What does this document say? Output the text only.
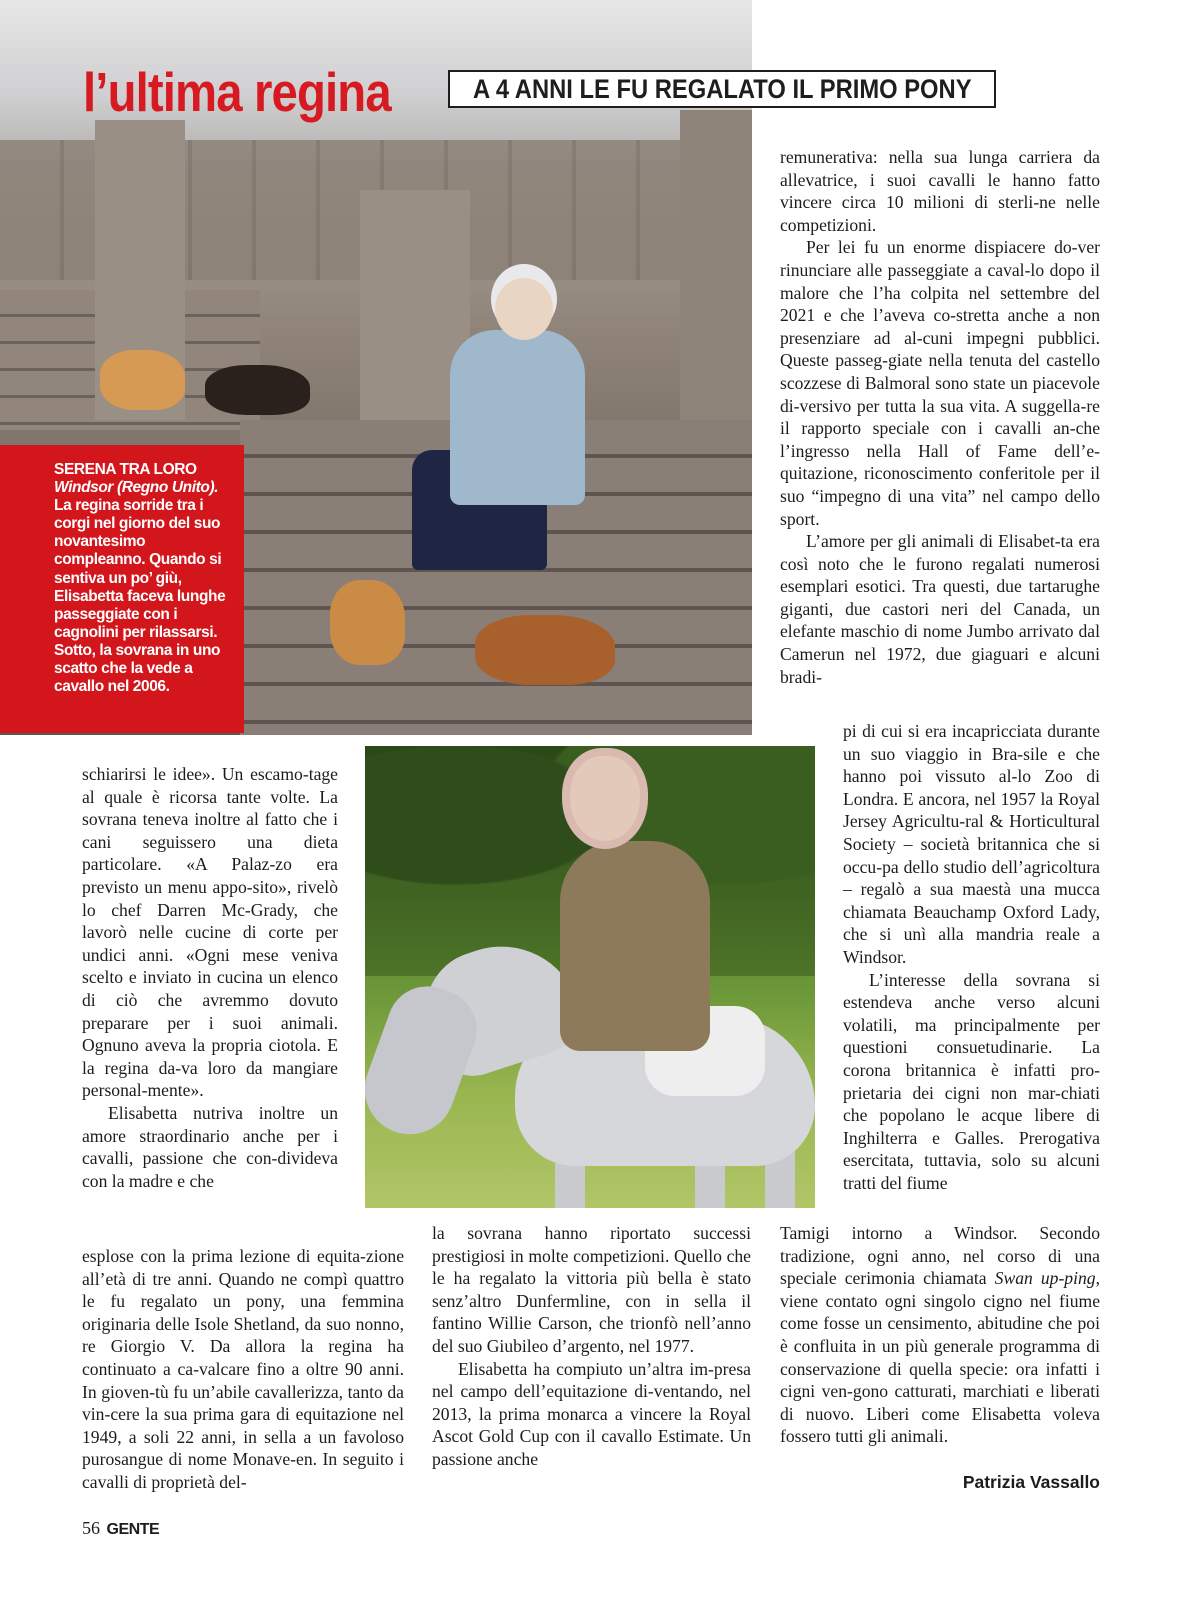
l’ultima regina	A 4 ANNI LE FU REGALATO IL PRIMO PONY
SERENA TRA LORO
Windsor (Regno Unito).
La regina sorride tra i corgi nel giorno del suo novantesimo compleanno. Quando si sentiva un po’ giù, Elisabetta faceva lunghe passeggiate con i cagnolini per rilassarsi. Sotto, la sovrana in uno scatto che la vede a cavallo nel 2006.

schiarirsi le idee». Un escamo-tage al quale è ricorsa tante volte. La sovrana teneva inoltre al fatto che i cani seguissero una dieta particolare. «A Palaz-zo era previsto un menu appo-sito», rivelò lo chef Darren Mc-Grady, che lavorò nelle cucine di corte per undici anni. «Ogni mese veniva scelto e inviato in cucina un elenco di ciò che avremmo dovuto preparare per i suoi animali. Ognuno aveva la propria ciotola. E la regina da-va loro da mangiare personal-mente».

Elisabetta nutriva inoltre un amore straordinario anche per i cavalli, passione che con-divideva con la madre e che

esplose con la prima lezione di equita-zione all’età di tre anni. Quando ne compì quattro le fu regalato un pony, una femmina originaria delle Isole Shetland, da suo nonno, re Giorgio V. Da allora la regina ha continuato a ca-valcare fino a oltre 90 anni. In gioven-tù fu un’abile cavallerizza, tanto da vin-cere la sua prima gara di equitazione nel 1949, a soli 22 anni, in sella a un favoloso purosangue di nome Monave-en. In seguito i cavalli di proprietà del-

la sovrana hanno riportato successi prestigiosi in molte competizioni. Quello che le ha regalato la vittoria più bella è stato senz’altro Dunfermline, con in sella il fantino Willie Carson, che trionfò nell’anno del suo Giubileo d’argento, nel 1977.

Elisabetta ha compiuto un’altra im-presa nel campo dell’equitazione di-ventando, nel 2013, la prima monarca a vincere la Royal Ascot Gold Cup con il cavallo Estimate. Un passione anche

remunerativa: nella sua lunga carriera da allevatrice, i suoi cavalli le hanno fatto vincere circa 10 milioni di sterli-ne nelle competizioni.

Per lei fu un enorme dispiacere do-ver rinunciare alle passeggiate a caval-lo dopo il malore che l’ha colpita nel settembre del 2021 e che l’aveva co-stretta anche a non presenziare ad al-cuni impegni pubblici. Queste passeg-giate nella tenuta del castello scozzese di Balmoral sono state un piacevole di-versivo per tutta la sua vita. A suggella-re il rapporto speciale con i cavalli an-che l’ingresso nella Hall of Fame dell’e-quitazione, riconoscimento conferitole per il suo “impegno di una vita” nel campo dello sport.

L’amore per gli animali di Elisabet-ta era così noto che le furono regalati numerosi esemplari esotici. Tra questi, due tartarughe giganti, due castori neri del Canada, un elefante maschio di nome Jumbo arrivato dal Camerun nel 1972, due giaguari e alcuni bradi-

pi di cui si era incapricciata durante un suo viaggio in Bra-sile e che hanno poi vissuto al-lo Zoo di Londra. E ancora, nel 1957 la Royal Jersey Agricultu-ral & Horticultural Society – società britannica che si occu-pa dello studio dell’agricoltura – regalò a sua maestà una mucca chiamata Beauchamp Oxford Lady, che si unì alla mandria reale a Windsor.

L’interesse della sovrana si estendeva anche verso alcuni volatili, ma principalmente per questioni consuetudinarie. La corona britannica è infatti pro-prietaria dei cigni non mar-chiati che popolano le acque libere di Inghilterra e Galles. Prerogativa esercitata, tuttavia, solo su alcuni tratti del fiume

Tamigi intorno a Windsor. Secondo tradizione, ogni anno, nel corso di una speciale cerimonia chiamata Swan up-ping, viene contato ogni singolo cigno nel fiume come fosse un censimento, abitudine che poi è confluita in un più generale programma di conservazione di quella specie: ora infatti i cigni ven-gono catturati, marchiati e liberati di nuovo. Liberi come Elisabetta voleva fossero tutti gli animali.

Patrizia Vassallo
56 GENTE
